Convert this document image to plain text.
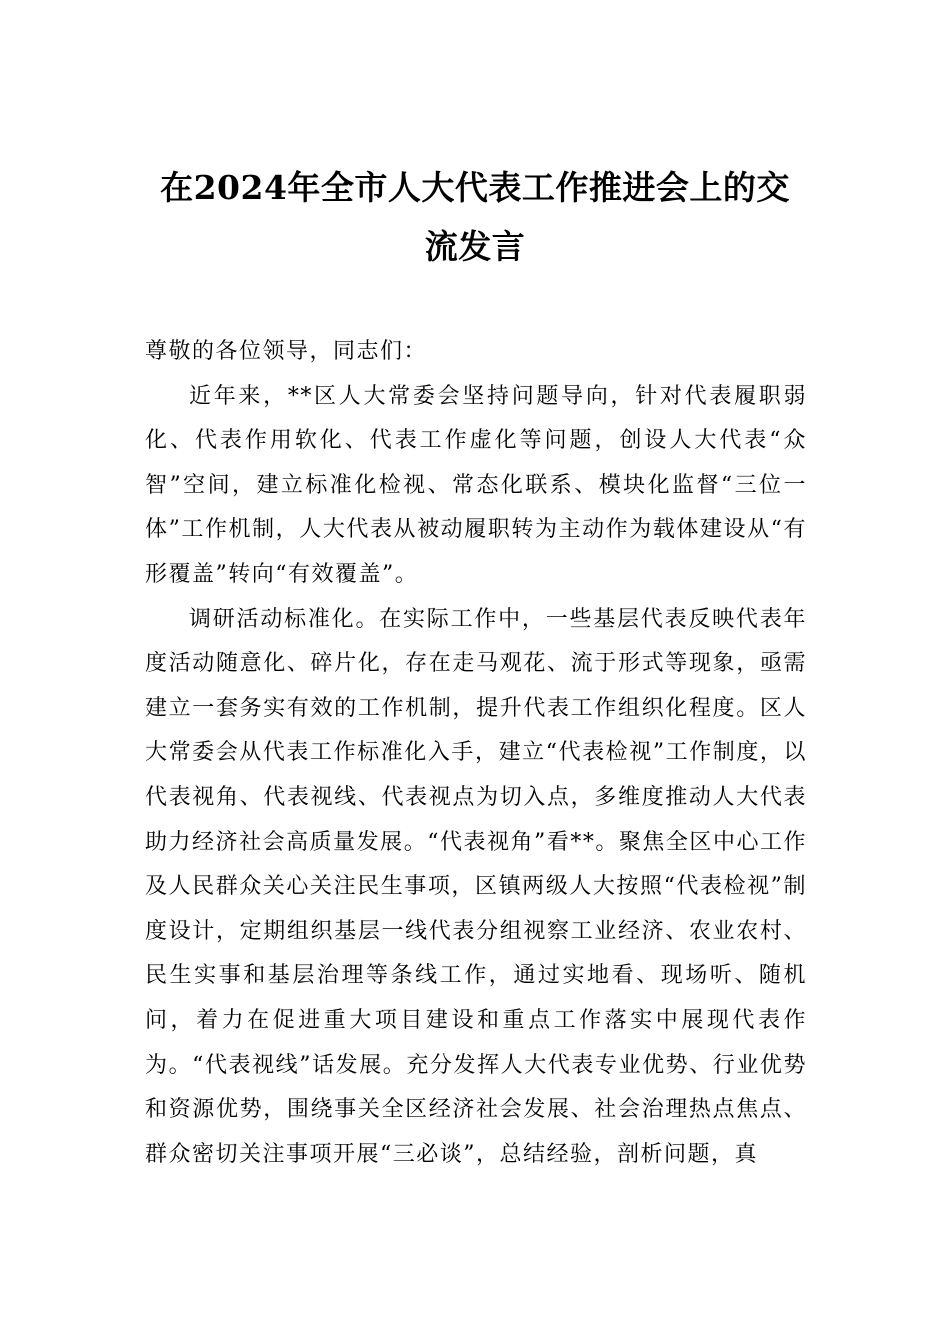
在2024年全市人大代表工作推进会上的交流发言

尊敬的各位领导，同志们：

近年来，**区人大常委会坚持问题导向，针对代表履职弱化、代表作用软化、代表工作虚化等问题，创设人大代表“众智”空间，建立标准化检视、常态化联系、模块化监督“三位一体”工作机制，人大代表从被动履职转为主动作为载体建设从“有形覆盖”转向“有效覆盖”。

调研活动标准化。在实际工作中，一些基层代表反映代表年度活动随意化、碎片化，存在走马观花、流于形式等现象，亟需建立一套务实有效的工作机制，提升代表工作组织化程度。区人大常委会从代表工作标准化入手，建立“代表检视”工作制度，以代表视角、代表视线、代表视点为切入点，多维度推动人大代表助力经济社会高质量发展。“代表视角”看**。聚焦全区中心工作及人民群众关心关注民生事项，区镇两级人大按照“代表检视”制度设计，定期组织基层一线代表分组视察工业经济、农业农村、民生实事和基层治理等条线工作，通过实地看、现场听、随机问，着力在促进重大项目建设和重点工作落实中展现代表作为。“代表视线”话发展。充分发挥人大代表专业优势、行业优势和资源优势，围绕事关全区经济社会发展、社会治理热点焦点、群众密切关注事项开展“三必谈”，总结经验，剖析问题，真
